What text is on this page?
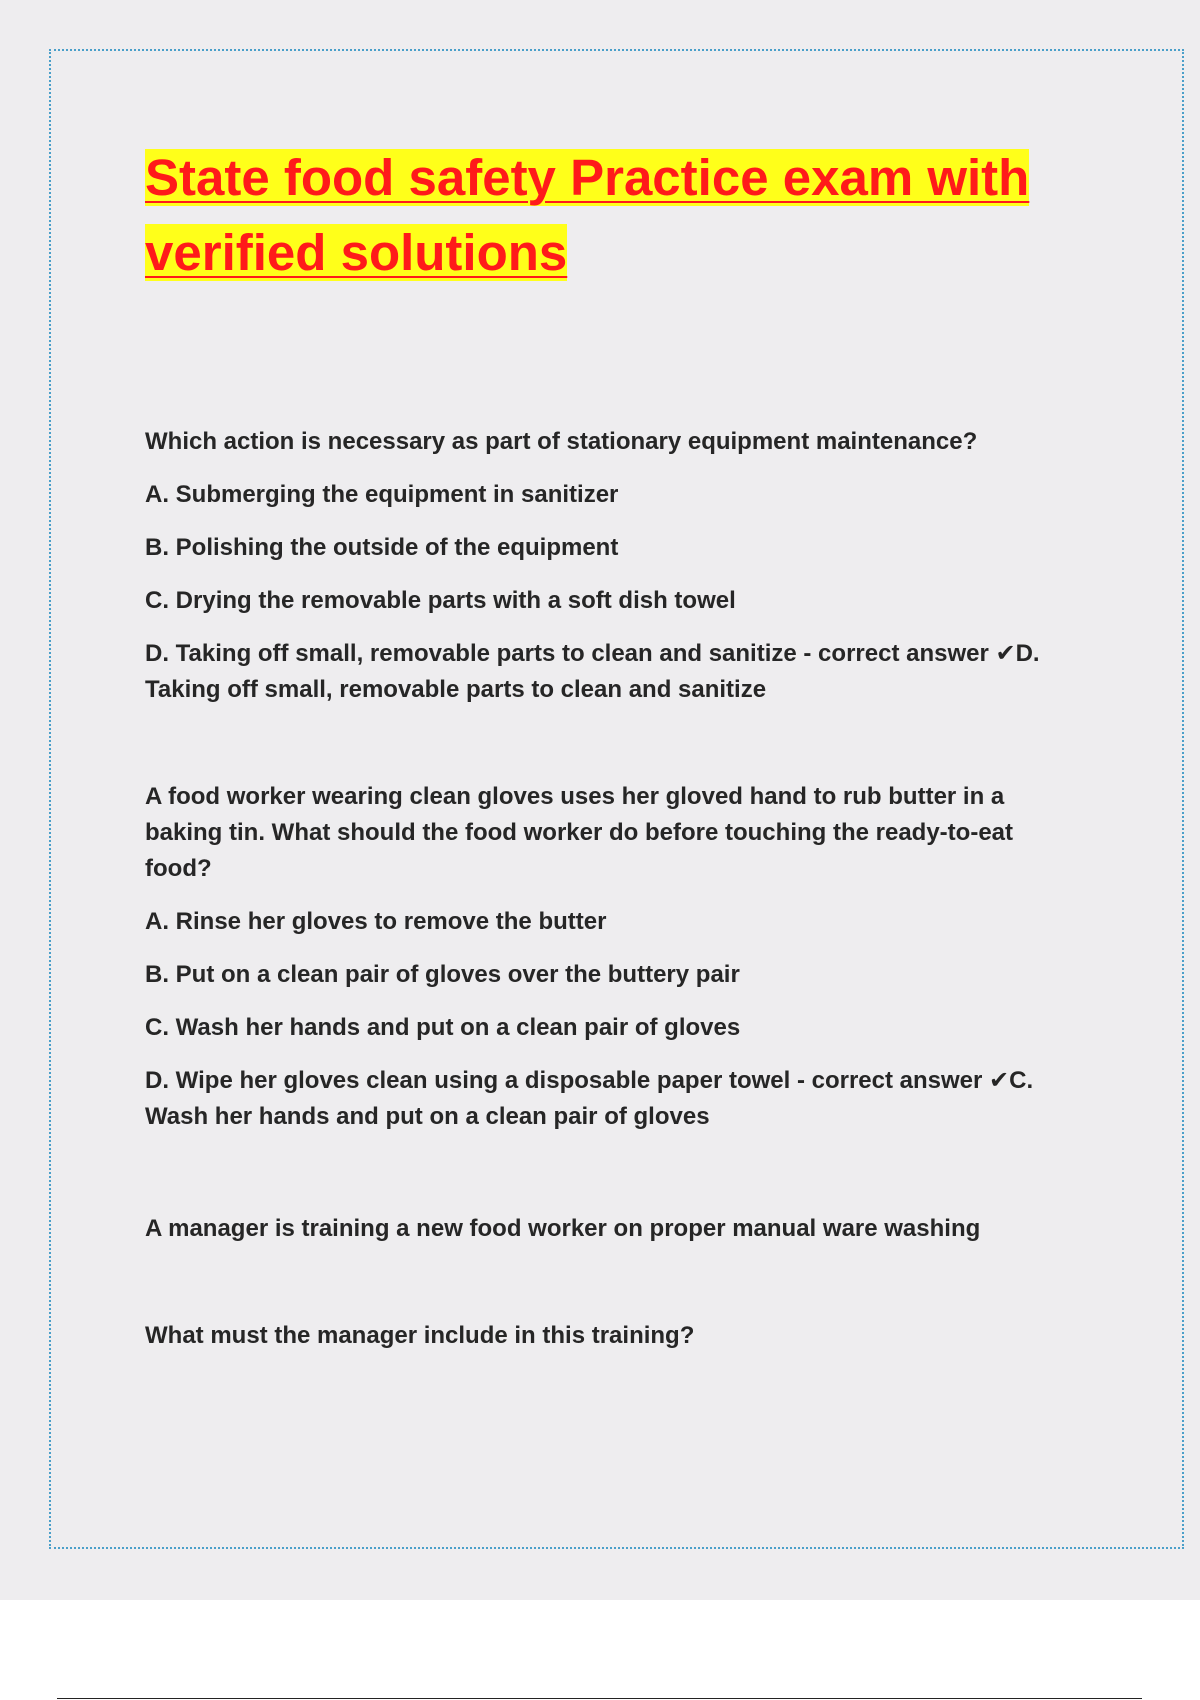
State food safety Practice exam with verified solutions

Which action is necessary as part of stationary equipment maintenance?

A. Submerging the equipment in sanitizer

B. Polishing the outside of the equipment

C. Drying the removable parts with a soft dish towel

D. Taking off small, removable parts to clean and sanitize - correct answer ✔D. Taking off small, removable parts to clean and sanitize

A food worker wearing clean gloves uses her gloved hand to rub butter in a baking tin. What should the food worker do before touching the ready-to-eat food?

A. Rinse her gloves to remove the butter

B. Put on a clean pair of gloves over the buttery pair

C. Wash her hands and put on a clean pair of gloves

D. Wipe her gloves clean using a disposable paper towel - correct answer ✔C. Wash her hands and put on a clean pair of gloves

A manager is training a new food worker on proper manual ware washing

What must the manager include in this training?
